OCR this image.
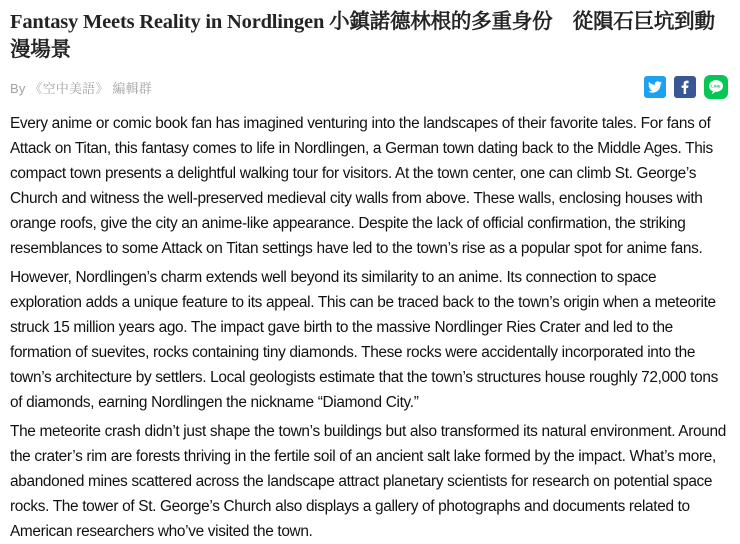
Fantasy Meets Reality in Nordlingen 小鎮諾德林根的多重身份　從隕石巨坑到動漫場景
By 《空中美語》 編輯群	LINE

Every anime or comic book fan has imagined venturing into the landscapes of their favorite tales. For fans of Attack on Titan, this fantasy comes to life in Nordlingen, a German town dating back to the Middle Ages. This compact town presents a delightful walking tour for visitors. At the town center, one can climb St. George’s Church and witness the well-preserved medieval city walls from above. These walls, enclosing houses with orange roofs, give the city an anime-like appearance. Despite the lack of official confirmation, the striking resemblances to some Attack on Titan settings have led to the town’s rise as a popular spot for anime fans.

However, Nordlingen’s charm extends well beyond its similarity to an anime. Its connection to space exploration adds a unique feature to its appeal. This can be traced back to the town’s origin when a meteorite struck 15 million years ago. The impact gave birth to the massive Nordlinger Ries Crater and led to the formation of suevites, rocks containing tiny diamonds. These rocks were accidentally incorporated into the town’s architecture by settlers. Local geologists estimate that the town’s structures house roughly 72,000 tons of diamonds, earning Nordlingen the nickname “Diamond City.”

The meteorite crash didn’t just shape the town’s buildings but also transformed its natural environment. Around the crater’s rim are forests thriving in the fertile soil of an ancient salt lake formed by the impact. What’s more, abandoned mines scattered across the landscape attract planetary scientists for research on potential space rocks. The tower of St. George’s Church also displays a gallery of photographs and documents related to American researchers who’ve visited the town.
